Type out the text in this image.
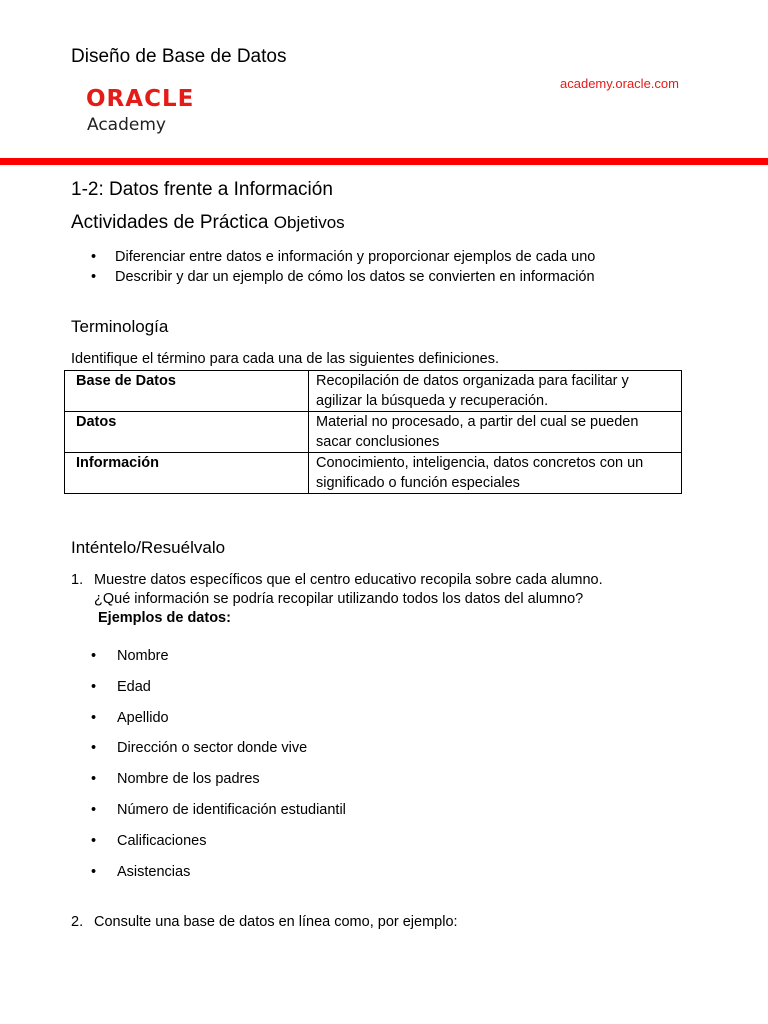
Diseño de Base de Datos
academy.oracle.com
ORACLE
Academy
1-2: Datos frente a Información
Actividades de Práctica Objetivos
• Diferenciar entre datos e información y proporcionar ejemplos de cada uno
• Describir y dar un ejemplo de cómo los datos se convierten en información
Terminología
Identifique el término para cada una de las siguientes definiciones.
Base de Datos	Recopilación de datos organizada para facilitar y agilizar la búsqueda y recuperación.
Datos	Material no procesado, a partir del cual se pueden sacar conclusiones
Información	Conocimiento, inteligencia, datos concretos con un significado o función especiales
Inténtelo/Resuélvalo
1. Muestre datos específicos que el centro educativo recopila sobre cada alumno.
¿Qué información se podría recopilar utilizando todos los datos del alumno?
Ejemplos de datos:
• Nombre
• Edad
• Apellido
• Dirección o sector donde vive
• Nombre de los padres
• Número de identificación estudiantil
• Calificaciones
• Asistencias
2. Consulte una base de datos en línea como, por ejemplo:
